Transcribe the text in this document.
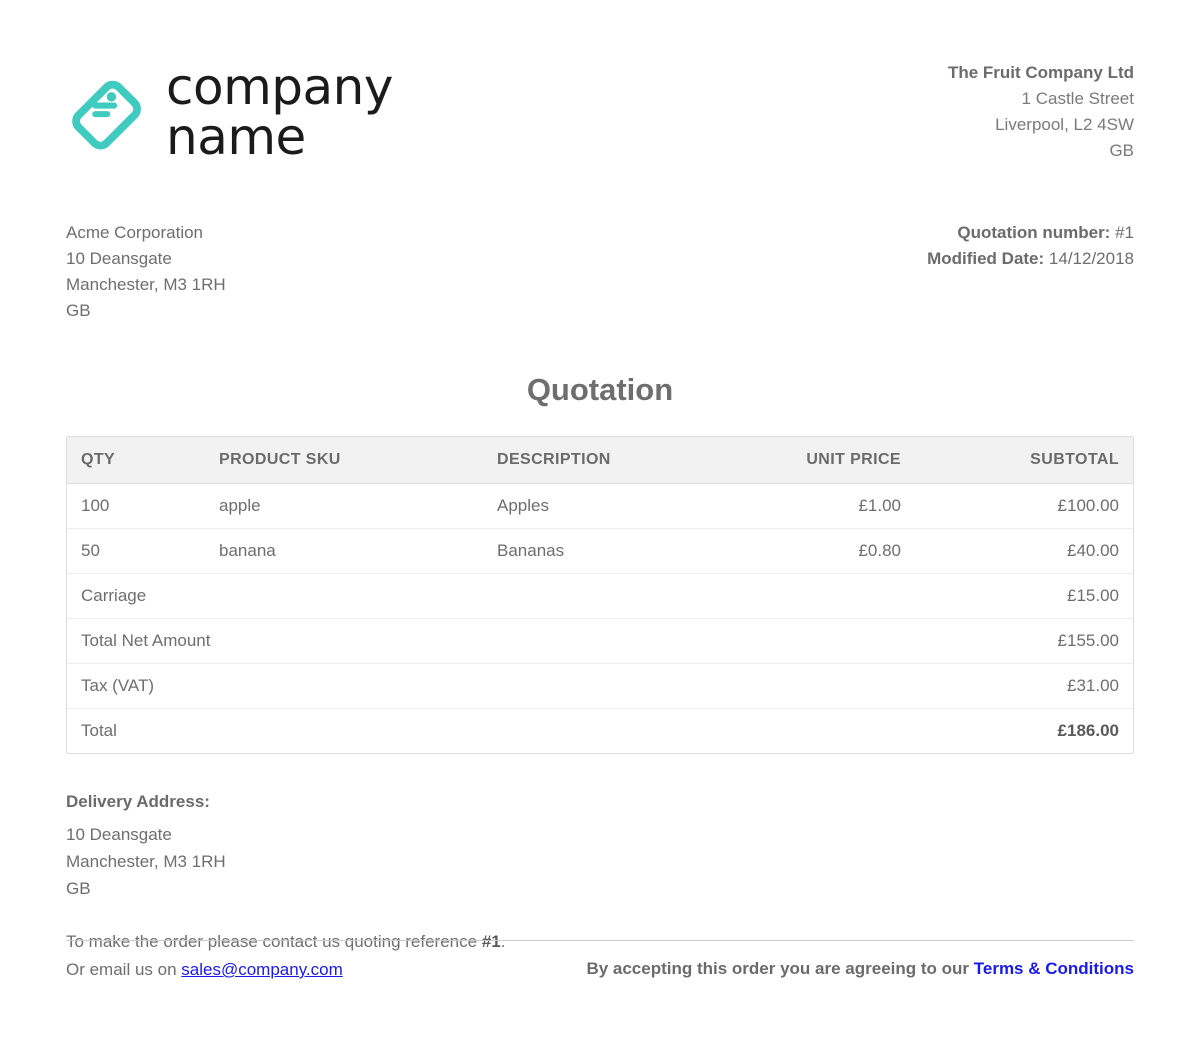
company
name
The Fruit Company Ltd
1 Castle Street
Liverpool, L2 4SW
GB
Acme Corporation
10 Deansgate
Manchester, M3 1RH
GB
Quotation number: #1
Modified Date: 14/12/2018
Quotation
QTY	PRODUCT SKU	DESCRIPTION	UNIT PRICE	SUBTOTAL
100	apple	Apples	£1.00	£100.00
50	banana	Bananas	£0.80	£40.00
Carriage				£15.00
Total Net Amount				£155.00
Tax (VAT)				£31.00
Total				£186.00
Delivery Address:
10 Deansgate
Manchester, M3 1RH
GB
To make the order please contact us quoting reference #1.
Or email us on sales@company.com	By accepting this order you are agreeing to our Terms & Conditions
